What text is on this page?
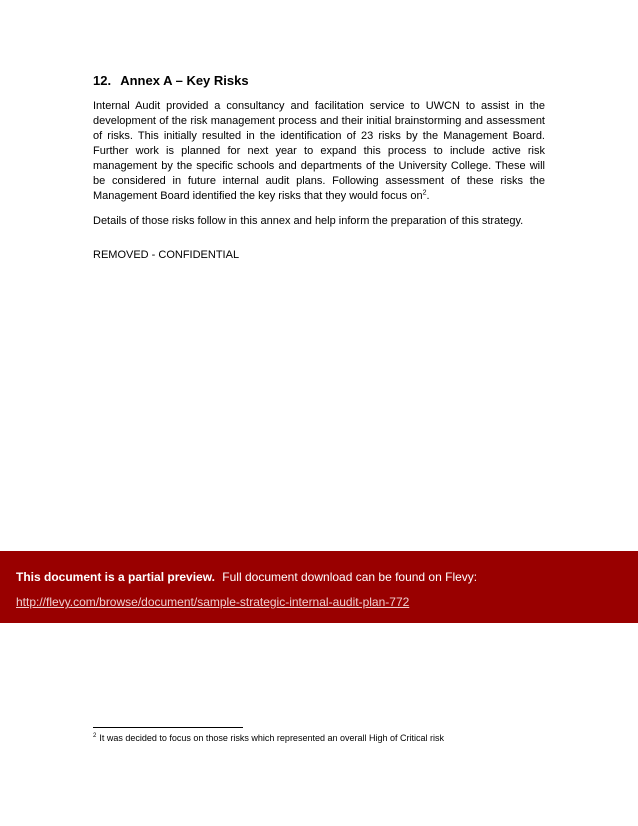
12. Annex A – Key Risks
Internal Audit provided a consultancy and facilitation service to UWCN to assist in the development of the risk management process and their initial brainstorming and assessment of risks. This initially resulted in the identification of 23 risks by the Management Board. Further work is planned for next year to expand this process to include active risk management by the specific schools and departments of the University College. These will be considered in future internal audit plans. Following assessment of these risks the Management Board identified the key risks that they would focus $on^2$.
Details of those risks follow in this annex and help inform the preparation of this strategy.
REMOVED - CONFIDENTIAL
This document is a partial preview. Full document download can be found on Flevy:
http://flevy.com/browse/document/sample-strategic-internal-audit-plan-772
$^2$ It was decided to focus on those risks which represented an overall High of Critical risk
